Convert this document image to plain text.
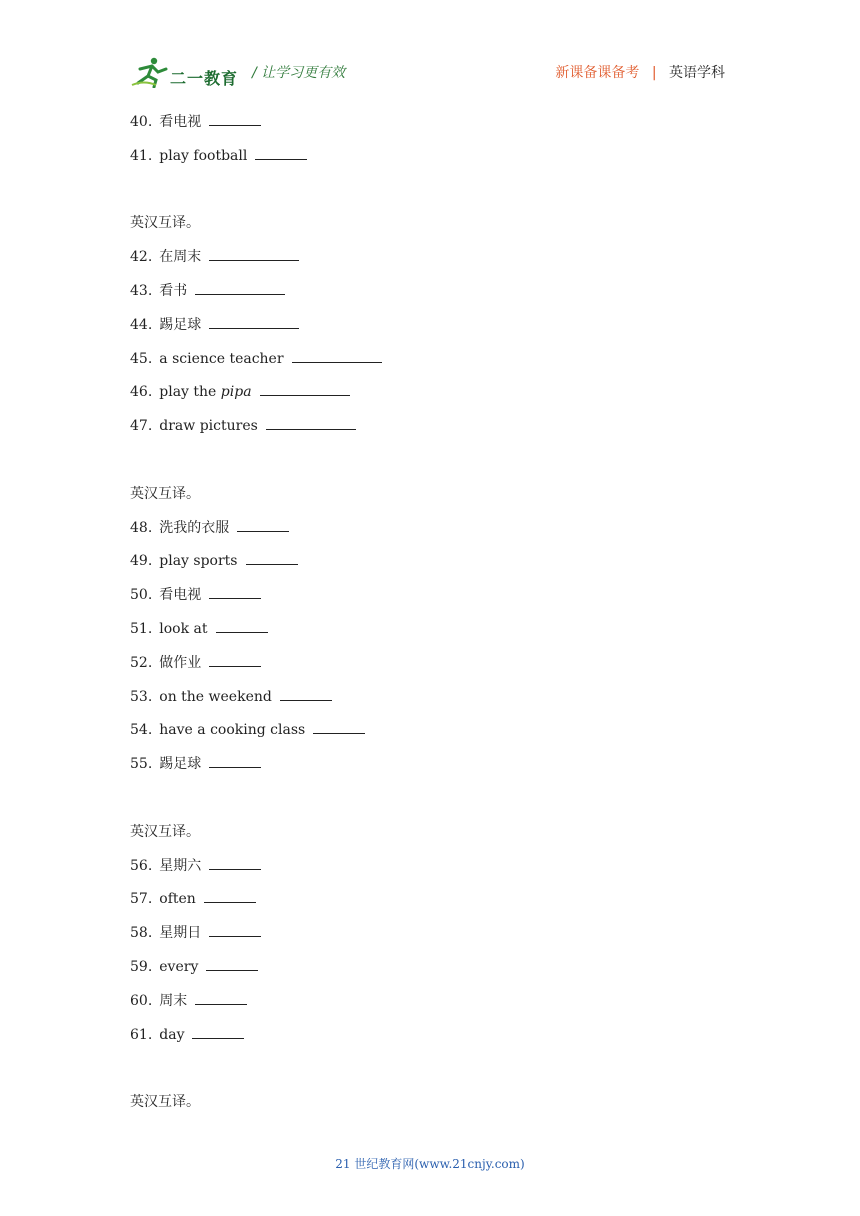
二一教育 / 让学习更有效	新课备课备考 | 英语学科
40.  看电视
41.  play football
英汉互译。
42.  在周末
43.  看书
44.  踢足球
45.  a science teacher
46.  play the pipa
47.  draw pictures
英汉互译。
48.  洗我的衣服
49.  play sports
50.  看电视
51.  look at
52.  做作业
53.  on the weekend
54.  have a cooking class
55.  踢足球
英汉互译。
56.  星期六
57.  often
58.  星期日
59.  every
60.  周末
61.  day
英汉互译。
21 世纪教育网(www.21cnjy.com)
